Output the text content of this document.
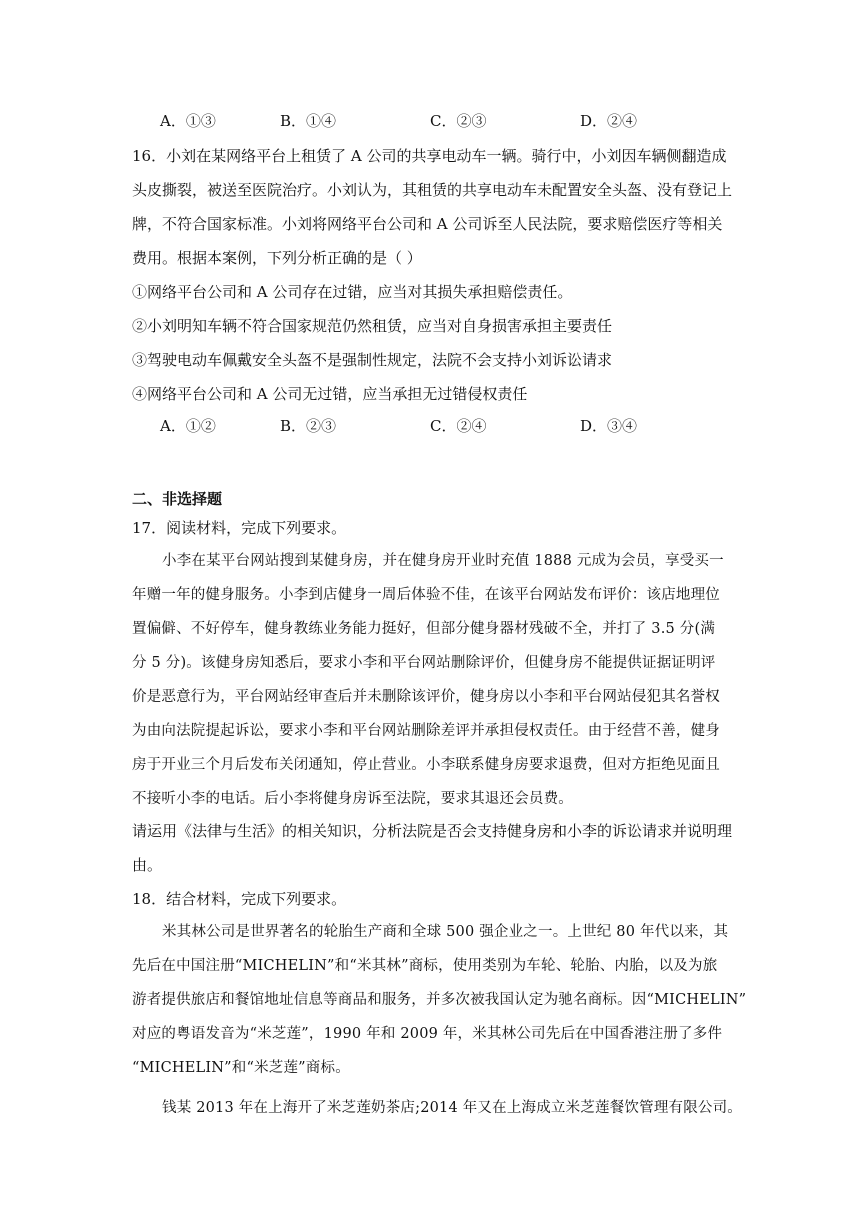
A．①③	B．①④	C．②③	D．②④
16．小刘在某网络平台上租赁了 A 公司的共享电动车一辆。骑行中，小刘因车辆侧翻造成
头皮撕裂，被送至医院治疗。小刘认为，其租赁的共享电动车未配置安全头盔、没有登记上
牌，不符合国家标准。小刘将网络平台公司和 A 公司诉至人民法院，要求赔偿医疗等相关
费用。根据本案例，下列分析正确的是（ ）
①网络平台公司和 A 公司存在过错，应当对其损失承担赔偿责任。
②小刘明知车辆不符合国家规范仍然租赁，应当对自身损害承担主要责任
③驾驶电动车佩戴安全头盔不是强制性规定，法院不会支持小刘诉讼请求
④网络平台公司和 A 公司无过错，应当承担无过错侵权责任
A．①②	B．②③	C．②④	D．③④
二、非选择题
17．阅读材料，完成下列要求。
小李在某平台网站搜到某健身房，并在健身房开业时充值 1888 元成为会员，享受买一
年赠一年的健身服务。小李到店健身一周后体验不佳，在该平台网站发布评价：该店地理位
置偏僻、不好停车，健身教练业务能力挺好，但部分健身器材残破不全，并打了 3.5 分(满
分 5 分)。该健身房知悉后，要求小李和平台网站删除评价，但健身房不能提供证据证明评
价是恶意行为，平台网站经审查后并未删除该评价，健身房以小李和平台网站侵犯其名誉权
为由向法院提起诉讼，要求小李和平台网站删除差评并承担侵权责任。由于经营不善，健身
房于开业三个月后发布关闭通知，停止营业。小李联系健身房要求退费，但对方拒绝见面且
不接听小李的电话。后小李将健身房诉至法院，要求其退还会员费。
请运用《法律与生活》的相关知识，分析法院是否会支持健身房和小李的诉讼请求并说明理
由。
18．结合材料，完成下列要求。
米其林公司是世界著名的轮胎生产商和全球 500 强企业之一。上世纪 80 年代以来，其
先后在中国注册“MICHELIN”和“米其林”商标，使用类别为车轮、轮胎、内胎，以及为旅
游者提供旅店和餐馆地址信息等商品和服务，并多次被我国认定为驰名商标。因“MICHELIN”
对应的粤语发音为“米芝莲”，1990 年和 2009 年，米其林公司先后在中国香港注册了多件
“MICHELIN”和“米芝莲”商标。
钱某 2013 年在上海开了米芝莲奶茶店;2014 年又在上海成立米芝莲餐饮管理有限公司。
